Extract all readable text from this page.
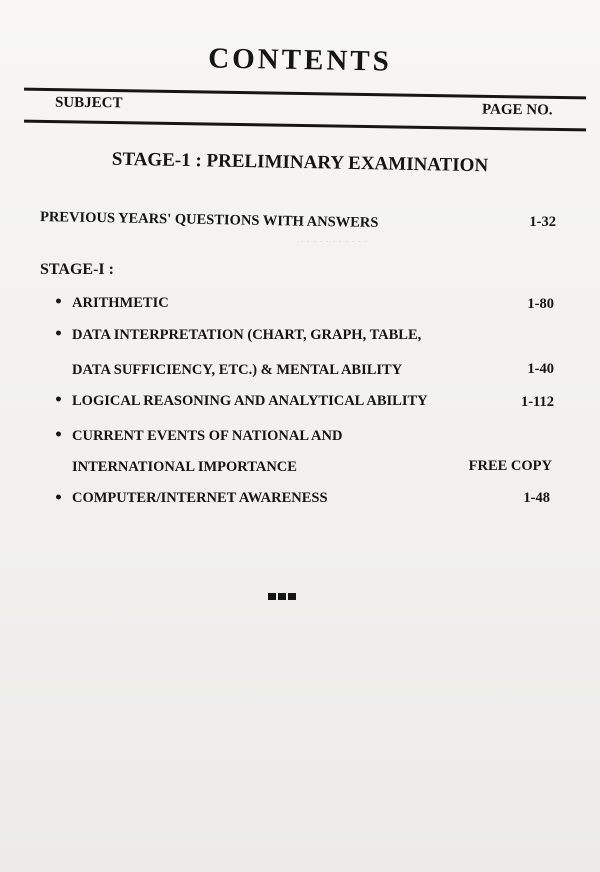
· · · · · · · · · · ·
CONTENTS
SUBJECT	PAGE NO.
STAGE-1 : PRELIMINARY EXAMINATION
PREVIOUS YEARS' QUESTIONS WITH ANSWERS	1-32
STAGE-I :
• ARITHMETIC	1-80
• DATA INTERPRETATION (CHART, GRAPH, TABLE,
DATA SUFFICIENCY, ETC.) & MENTAL ABILITY	1-40
• LOGICAL REASONING AND ANALYTICAL ABILITY	1-112
• CURRENT EVENTS OF NATIONAL AND
INTERNATIONAL IMPORTANCE	FREE COPY
• COMPUTER/INTERNET AWARENESS	1-48
